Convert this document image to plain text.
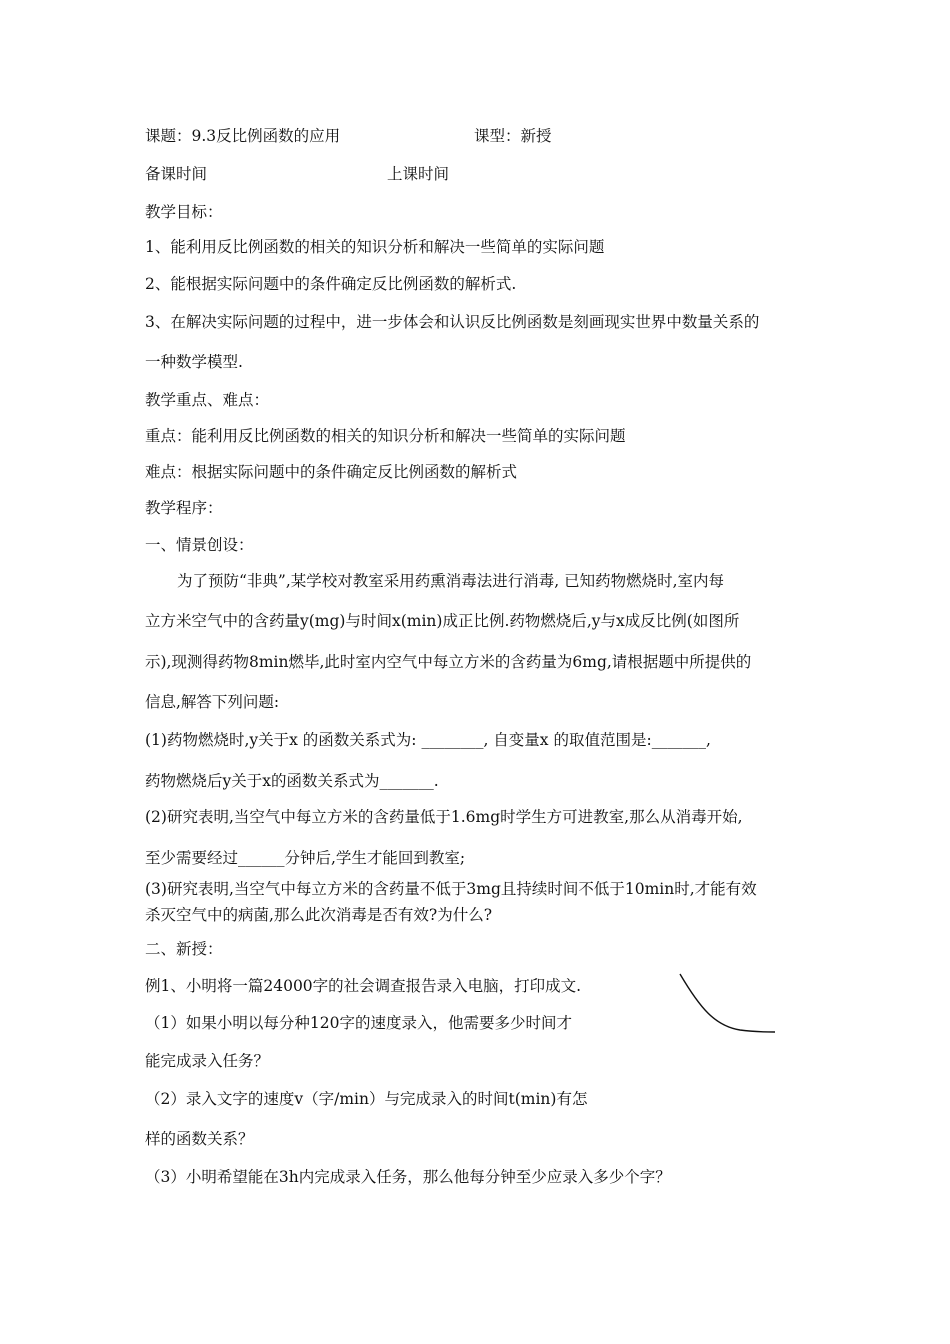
课题：9.3反比例函数的应用	课型：新授
备课时间	上课时间
教学目标：
1、能利用反比例函数的相关的知识分析和解决一些简单的实际问题
2、能根据实际问题中的条件确定反比例函数的解析式.
3、在解决实际问题的过程中，进一步体会和认识反比例函数是刻画现实世界中数量关系的
一种数学模型.
教学重点、难点：
重点：能利用反比例函数的相关的知识分析和解决一些简单的实际问题
难点：根据实际问题中的条件确定反比例函数的解析式
教学程序：
一、情景创设：
为了预防“非典”,某学校对教室采用药熏消毒法进行消毒, 已知药物燃烧时,室内每
立方米空气中的含药量y(mg)与时间x(min)成正比例.药物燃烧后,y与x成反比例(如图所
示),现测得药物8min燃毕,此时室内空气中每立方米的含药量为6mg,请根据题中所提供的
信息,解答下列问题:
(1)药物燃烧时,y关于x 的函数关系式为: ________, 自变量x 的取值范围是:_______,
药物燃烧后y关于x的函数关系式为_______.
(2)研究表明,当空气中每立方米的含药量低于1.6mg时学生方可进教室,那么从消毒开始,
至少需要经过______分钟后,学生才能回到教室;
(3)研究表明,当空气中每立方米的含药量不低于3mg且持续时间不低于10min时,才能有效
杀灭空气中的病菌,那么此次消毒是否有效?为什么?
二、新授：
例1、小明将一篇24000字的社会调查报告录入电脑，打印成文.
（1）如果小明以每分种120字的速度录入，他需要多少时间才
能完成录入任务？
（2）录入文字的速度v（字/min）与完成录入的时间t(min)有怎
样的函数关系？
（3）小明希望能在3h内完成录入任务，那么他每分钟至少应录入多少个字？
